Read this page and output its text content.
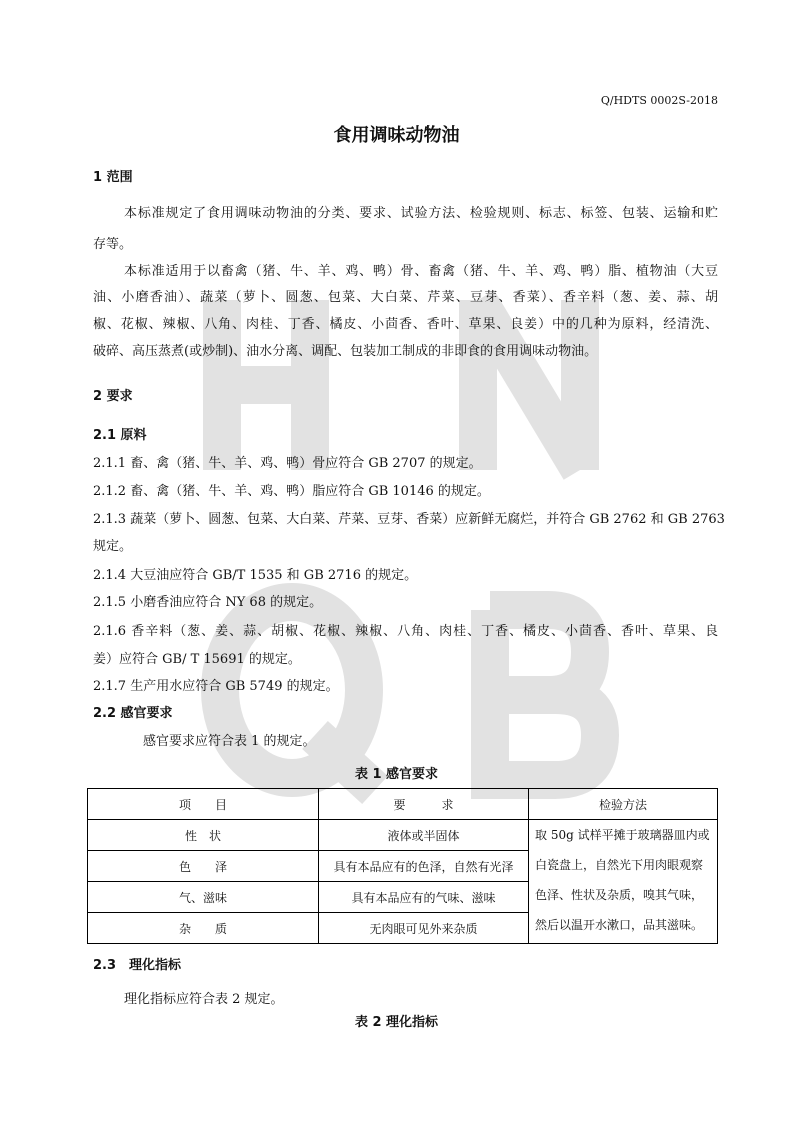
Q/HDTS 0002S-2018
食用调味动物油
1 范围
本标准规定了食用调味动物油的分类、要求、试验方法、检验规则、标志、标签、包装、运输和贮
存等。
本标准适用于以畜禽（猪、牛、羊、鸡、鸭）骨、畜禽（猪、牛、羊、鸡、鸭）脂、植物油（大豆
油、小磨香油）、蔬菜（萝卜、圆葱、包菜、大白菜、芹菜、豆芽、香菜）、香辛料（葱、姜、蒜、胡
椒、花椒、辣椒、八角、肉桂、丁香、橘皮、小茴香、香叶、草果、良姜）中的几种为原料，经清洗、
破碎、高压蒸煮(或炒制)、油水分离、调配、包装加工制成的非即食的食用调味动物油。
2 要求
2.1 原料
2.1.1 畜、禽（猪、牛、羊、鸡、鸭）骨应符合 GB 2707 的规定。
2.1.2 畜、禽（猪、牛、羊、鸡、鸭）脂应符合 GB 10146 的规定。
2.1.3 蔬菜（萝卜、圆葱、包菜、大白菜、芹菜、豆芽、香菜）应新鲜无腐烂，并符合 GB 2762 和 GB 2763
规定。
2.1.4 大豆油应符合 GB/T 1535 和 GB 2716 的规定。
2.1.5 小磨香油应符合 NY 68 的规定。
2.1.6 香辛料（葱、姜、蒜、胡椒、花椒、辣椒、八角、肉桂、丁香、橘皮、小茴香、香叶、草果、良
姜）应符合 GB/ T 15691 的规定。
2.1.7 生产用水应符合 GB 5749 的规定。
2.2 感官要求
感官要求应符合表 1 的规定。
表 1 感官要求
项　　目	要　　　求	检验方法
性　状	液体或半固体	取 50g 试样平摊于玻璃器皿内或白瓷盘上，自然光下用肉眼观察色泽、性状及杂质，嗅其气味，然后以温开水漱口，品其滋味。
色　　泽	具有本品应有的色泽，自然有光泽	
气、滋味	具有本品应有的气味、滋味	
杂　　质	无肉眼可见外来杂质	
2.3　理化指标
理化指标应符合表 2 规定。
表 2 理化指标
